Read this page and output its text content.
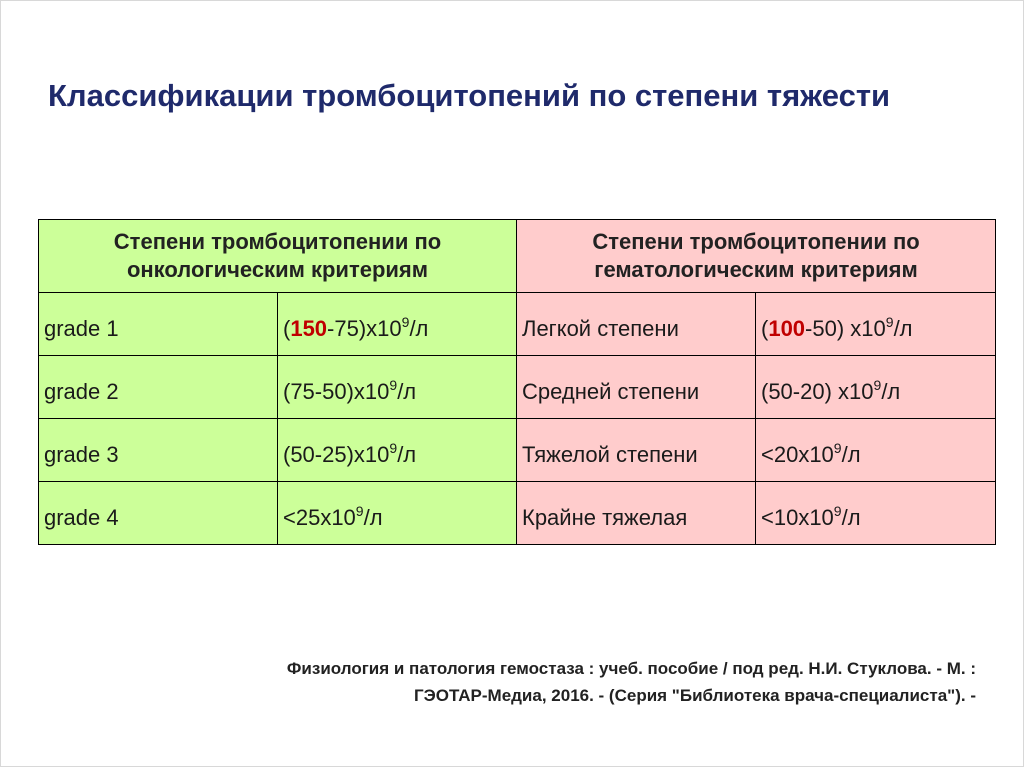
Классификации тромбоцитопений по степени тяжести
Степени тромбоцитопении по онкологическим критериям		Степени тромбоцитопении по гематологическим критериям	
grade 1	$(150-75)х10^9/л$	Легкой степени	(100-50) $х10^9/л$
grade 2	$(75-50)х10^9/л$	Средней степени	(50-20) $х10^9/л$
grade 3	$(50-25)х10^9/л$	Тяжелой степени	$<20х10^9/л$
grade 4	$<25х10^9/л$	Крайне тяжелая	$<10х10^9/л$
Физиология и патология гемостаза : учеб. пособие / под ред. Н.И. Стуклова. - М. :
ГЭОТАР-Медиа, 2016. - (Серия "Библиотека врача-специалиста"). -
